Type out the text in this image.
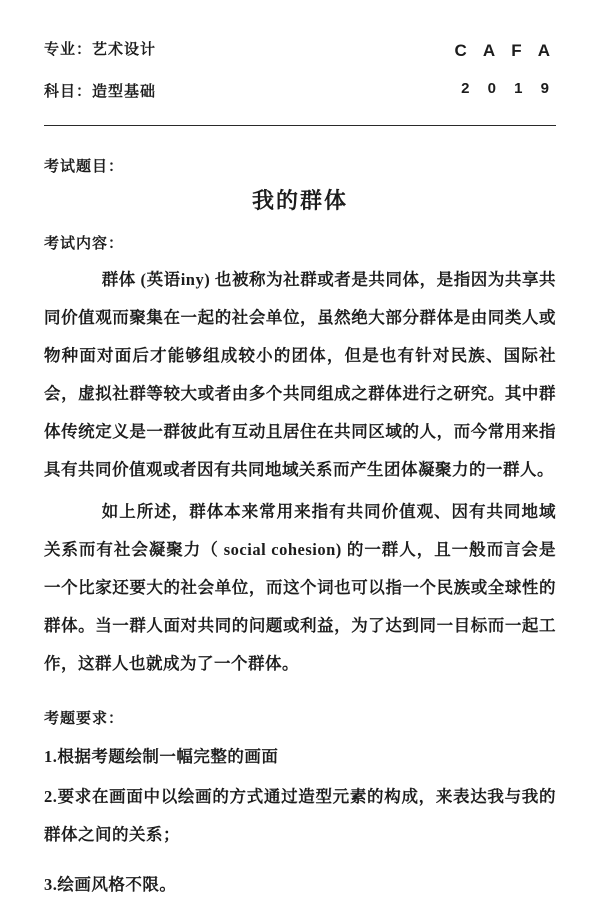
专业：艺术设计
科目：造型基础
C A F A
2 0 1 9
考试题目：
我的群体
考试内容：

群体 (英语iny) 也被称为社群或者是共同体，是指因为共享共同价值观而聚集在一起的社会单位，虽然绝大部分群体是由同类人或物种面对面后才能够组成较小的团体，但是也有针对民族、国际社会，虚拟社群等较大或者由多个共同组成之群体进行之研究。其中群体传统定义是一群彼此有互动且居住在共同区域的人，而今常用来指具有共同价值观或者因有共同地域关系而产生团体凝聚力的一群人。

如上所述，群体本来常用来指有共同价值观、因有共同地域关系而有社会凝聚力（ social cohesion) 的一群人，且一般而言会是一个比家还要大的社会单位，而这个词也可以指一个民族或全球性的群体。当一群人面对共同的问题或利益，为了达到同一目标而一起工作，这群人也就成为了一个群体。

考题要求：

1.根据考题绘制一幅完整的画面

2.要求在画面中以绘画的方式通过造型元素的构成，来表达我与我的群体之间的关系；

3.绘画风格不限。
